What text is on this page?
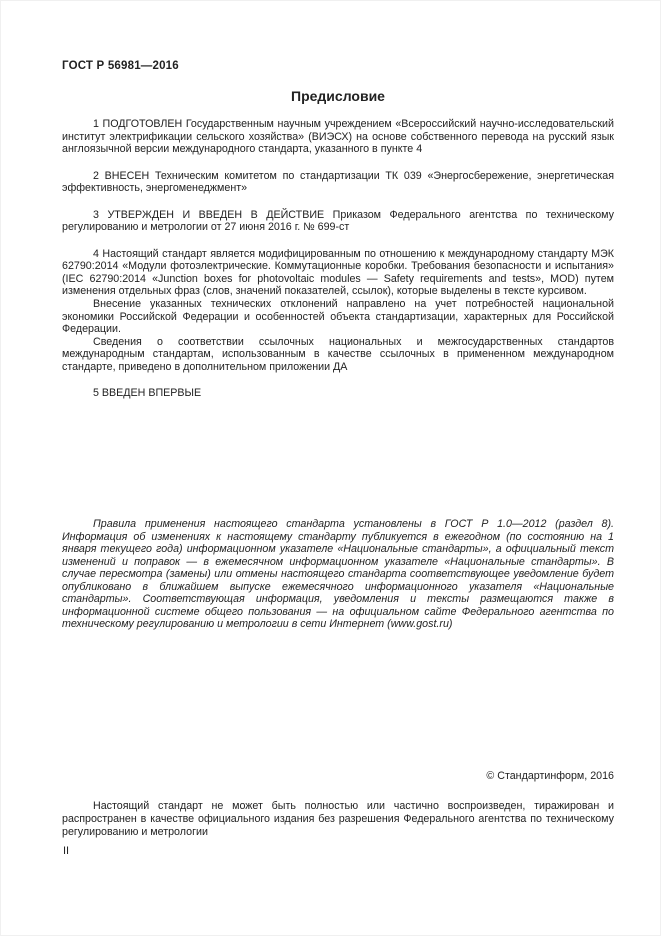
ГОСТ Р 56981—2016
Предисловие

1 ПОДГОТОВЛЕН Государственным научным учреждением «Всероссийский научно-исследовательский институт электрификации сельского хозяйства» (ВИЭСХ) на основе собственного перевода на русский язык англоязычной версии международного стандарта, указанного в пункте 4

2 ВНЕСЕН Техническим комитетом по стандартизации ТК 039 «Энергосбережение, энергетическая эффективность, энергоменеджмент»

3 УТВЕРЖДЕН И ВВЕДЕН В ДЕЙСТВИЕ Приказом Федерального агентства по техническому регулированию и метрологии от 27 июня 2016 г. № 699-ст

4 Настоящий стандарт является модифицированным по отношению к международному стандарту МЭК 62790:2014 «Модули фотоэлектрические. Коммутационные коробки. Требования безопасности и испытания» (IEC 62790:2014 «Junction boxes for photovoltaic modules — Safety requirements and tests», MOD) путем изменения отдельных фраз (слов, значений показателей, ссылок), которые выделены в тексте курсивом.

Внесение указанных технических отклонений направлено на учет потребностей национальной экономики Российской Федерации и особенностей объекта стандартизации, характерных для Российской Федерации.

Сведения о соответствии ссылочных национальных и межгосударственных стандартов международным стандартам, использованным в качестве ссылочных в примененном международном стандарте, приведено в дополнительном приложении ДА

5 ВВЕДЕН ВПЕРВЫЕ

Правила применения настоящего стандарта установлены в ГОСТ Р 1.0—2012 (раздел 8). Информация об изменениях к настоящему стандарту публикуется в ежегодном (по состоянию на 1 января текущего года) информационном указателе «Национальные стандарты», а официальный текст изменений и поправок — в ежемесячном информационном указателе «Национальные стандарты». В случае пересмотра (замены) или отмены настоящего стандарта соответствующее уведомление будет опубликовано в ближайшем выпуске ежемесячного информационного указателя «Национальные стандарты». Соответствующая информация, уведомления и тексты размещаются также в информационной системе общего пользования — на официальном сайте Федерального агентства по техническому регулированию и метрологии в сети Интернет (www.gost.ru)

© Стандартинформ, 2016

Настоящий стандарт не может быть полностью или частично воспроизведен, тиражирован и распространен в качестве официального издания без разрешения Федерального агентства по техническому регулированию и метрологии

II
